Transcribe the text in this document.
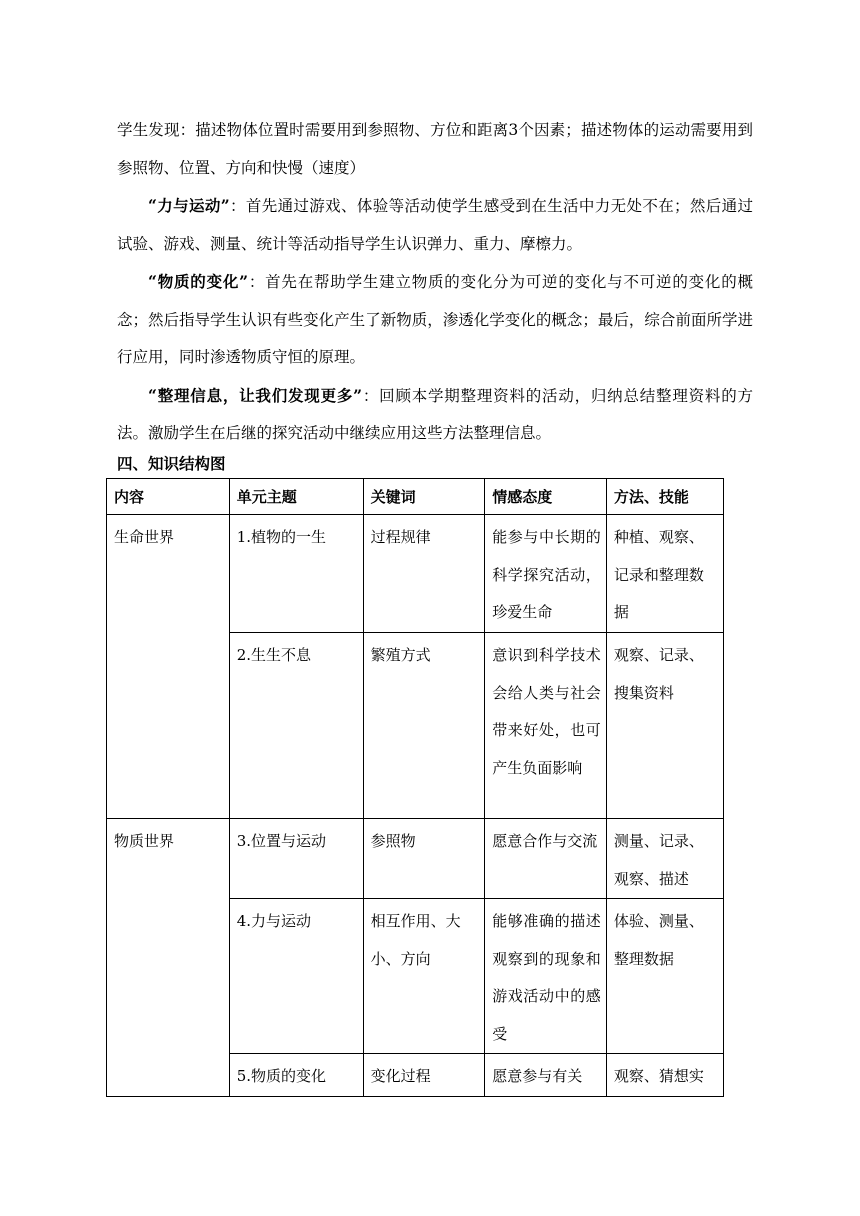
学生发现：描述物体位置时需要用到参照物、方位和距离3个因素；描述物体的运动需要用到参照物、位置、方向和快慢（速度）

“力与运动”：首先通过游戏、体验等活动使学生感受到在生活中力无处不在；然后通过试验、游戏、测量、统计等活动指导学生认识弹力、重力、摩檫力。

“物质的变化”：首先在帮助学生建立物质的变化分为可逆的变化与不可逆的变化的概念；然后指导学生认识有些变化产生了新物质，渗透化学变化的概念；最后，综合前面所学进行应用，同时渗透物质守恒的原理。

“整理信息，让我们发现更多”：回顾本学期整理资料的活动，归纳总结整理资料的方法。激励学生在后继的探究活动中继续应用这些方法整理信息。

四、知识结构图
内容	单元主题	关键词	情感态度	方法、技能
生命世界	1.植物的一生	过程规律	能参与中长期的科学探究活动，珍爱生命	种植、观察、记录和整理数据
	2.生生不息	繁殖方式	意识到科学技术会给人类与社会带来好处，也可产生负面影响	观察、记录、搜集资料
物质世界	3.位置与运动	参照物	愿意合作与交流	测量、记录、观察、描述
	4.力与运动	相互作用、大小、方向	能够准确的描述观察到的现象和游戏活动中的感受	体验、测量、整理数据
	5.物质的变化	变化过程	愿意参与有关	观察、猜想实
